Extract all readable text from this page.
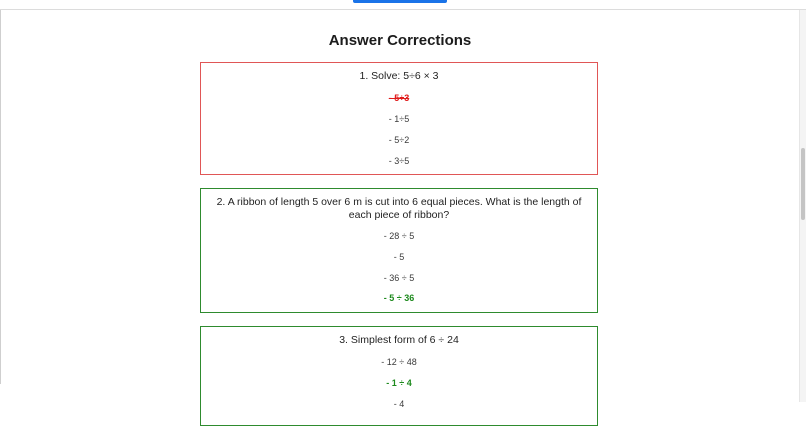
Answer Corrections
1. Solve: 5÷6 × 3
- 5÷3
- 1÷5
- 5÷2
- 3÷5
2. A ribbon of length 5 over 6 m is cut into 6 equal pieces. What is the length of each piece of ribbon?
- 28 ÷ 5
- 5
- 36 ÷ 5
- 5 ÷ 36
3. Simplest form of 6 ÷ 24
- 12 ÷ 48
- 1 ÷ 4
- 4
